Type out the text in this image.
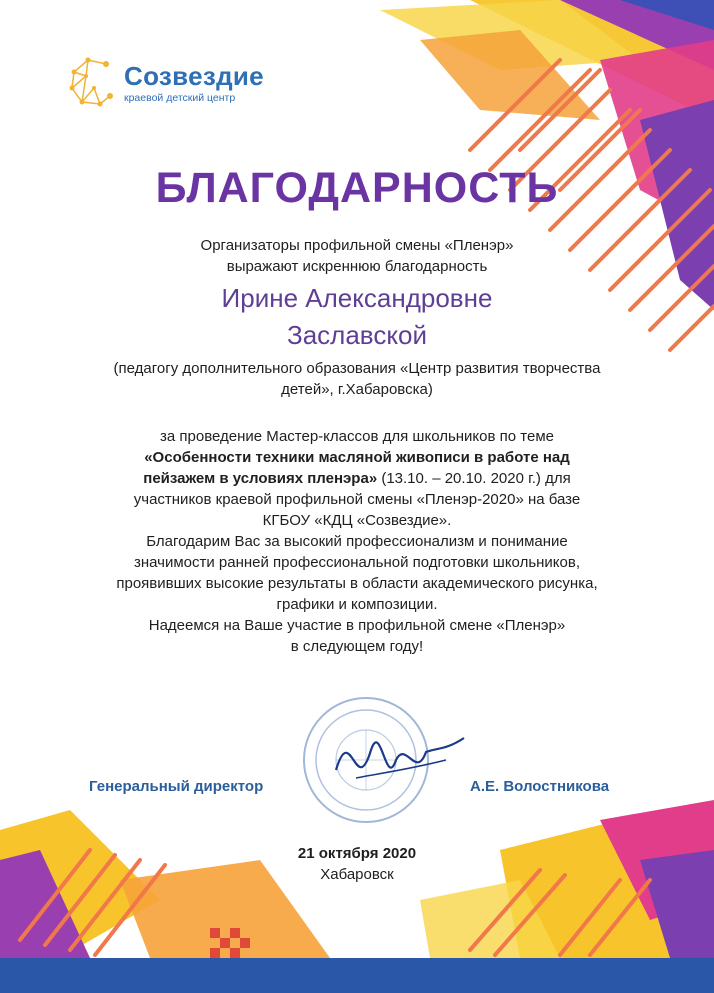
Созвездие
краевой детский центр
БЛАГОДАРНОСТЬ
Организаторы профильной смены «Пленэр»
выражают искреннюю благодарность
Ирине Александровне
Заславской
(педагогу дополнительного образования «Центр развития творчества
детей», г.Хабаровска)
за проведение Мастер-классов для школьников по теме
«Особенности техники масляной живописи в работе над
пейзажем в условиях пленэра» (13.10. – 20.10. 2020 г.) для
участников краевой профильной смены «Пленэр-2020» на базе
КГБОУ «КДЦ «Созвездие».
Благодарим Вас за высокий профессионализм и понимание
значимости ранней профессиональной подготовки школьников,
проявивших высокие результаты в области академического рисунка,
графики и композиции.
Надеемся на Ваше участие в профильной смене «Пленэр»
в следующем году!
Генеральный директор	А.Е. Волостникова
21 октября 2020
Хабаровск
